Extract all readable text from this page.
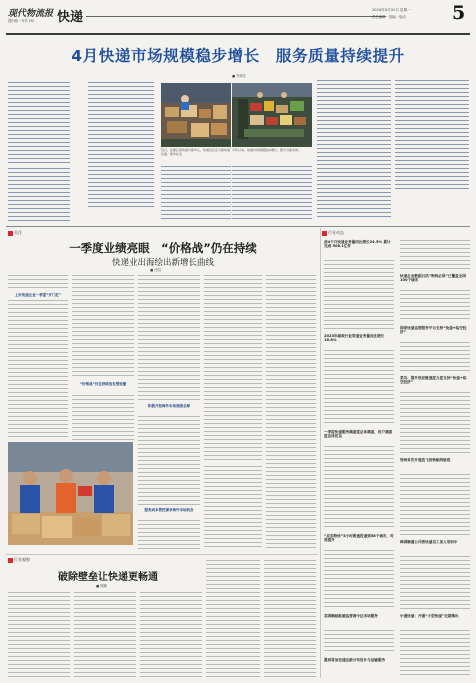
现代物流报
国内统一刊号 CN 快递	2024年5月31日 星期一
责任编辑 · 美编 · 电话 5
4月快递市场规模稳步增长　服务质量持续提升
■ 齐鸿庄
近日，在浙江某快递分拣中心，快递员正在分拣快递包裹。新华社发
今年以来，快递市场规模稳步增长。图为分拣车间。
关注	行业动态
一季度业绩亮眼　“价格战”仍在持续
快递业出海绘出新增长曲线
■ 吕阳
上市快递企业一季度“开门红”
“价格战”仍在持续但有望收缩
积极开拓海外市场放眼全球
服务成本管控谋求海外市场机会
前4个月快递业务量同比增长24.5% 累计完成 508.1亿件
2023年邮政行业寄递业务量同比增长16.8%
一季度快递服务满意度总体满意，用户满意度总体优良
“京东特快”5小时极速投递到58个城市，时效提升
美国顺邮能源运营商中达市场服务
墨西哥加拉通达新分布设计与运输服务
快递企业数据日活“物料必须”已覆盖全国100个城市
国家快递运营服务平台支持“快递+临空经济”
菜鸟：提升供应链速度力度支持“快递+临空经济”
郑州首次开通直飞货物航线航班
韩国顺通公司将快递员工加入培训中
中通快递：开通“小型快递”定期推出
行业观察
破除壁垒让快递更畅通
■ 郭鹏
